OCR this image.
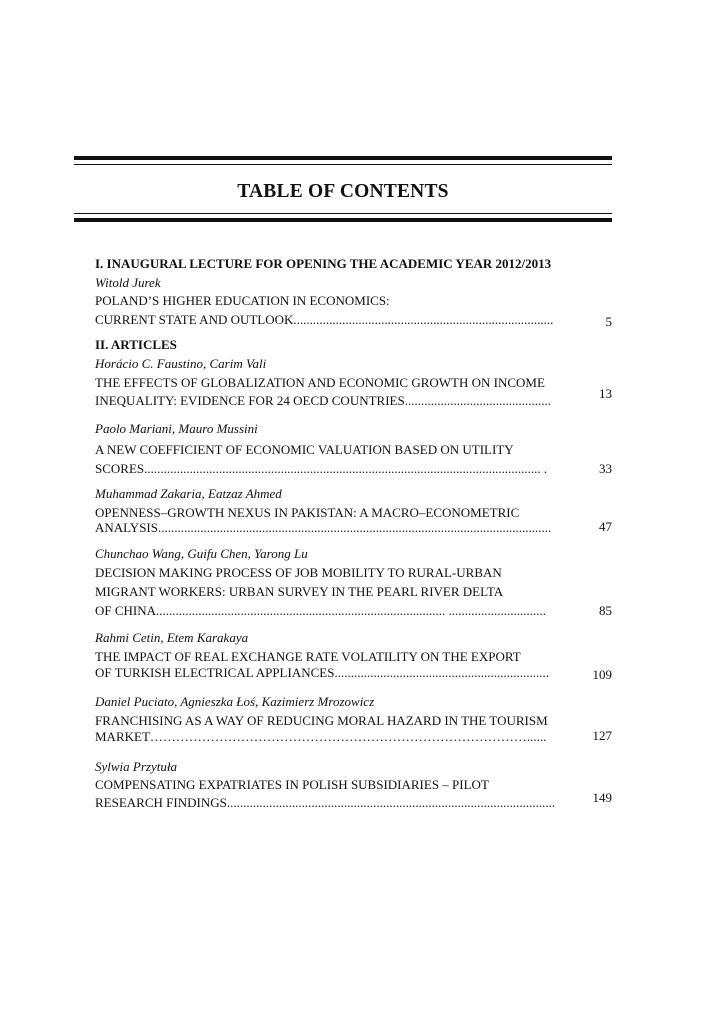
TABLE OF CONTENTS
I. INAUGURAL LECTURE FOR OPENING THE ACADEMIC YEAR 2012/2013
Witold Jurek
POLAND’S HIGHER EDUCATION IN ECONOMICS:
CURRENT STATE AND OUTLOOK................................................................................	5
II. ARTICLES
Horácio C. Faustino, Carim Vali
THE EFFECTS OF GLOBALIZATION AND ECONOMIC GROWTH ON INCOME
INEQUALITY: EVIDENCE FOR 24 OECD COUNTRIES.............................................	13
Paolo Mariani, Mauro Mussini
A NEW COEFFICIENT OF ECONOMIC VALUATION BASED ON UTILITY
SCORES.......................................................................................................................... .	33
Muhammad Zakaria, Eatzaz Ahmed
OPENNESS–GROWTH NEXUS IN PAKISTAN: A MACRO–ECONOMETRIC
ANALYSIS.........................................................................................................................	47
Chunchao Wang, Guifu Chen, Yarong Lu
DECISION MAKING PROCESS OF JOB MOBILITY TO RURAL-URBAN
MIGRANT WORKERS: URBAN SURVEY IN THE PEARL RIVER DELTA
OF CHINA......................................................................................... ..............................	85
Rahmi Cetin, Etem Karakaya
THE IMPACT OF REAL EXCHANGE RATE VOLATILITY ON THE EXPORT
OF TURKISH ELECTRICAL APPLIANCES..................................................................	109
Daniel Puciato, Agnieszka Łoś, Kazimierz Mrozowicz
FRANCHISING AS A WAY OF REDUCING MORAL HAZARD IN THE TOURISM
MARKET……………………………………………………………………………......	127
Sylwia Przytuła
COMPENSATING EXPATRIATES IN POLISH SUBSIDIARIES – PILOT
RESEARCH FINDINGS.....................................................................................................	149
